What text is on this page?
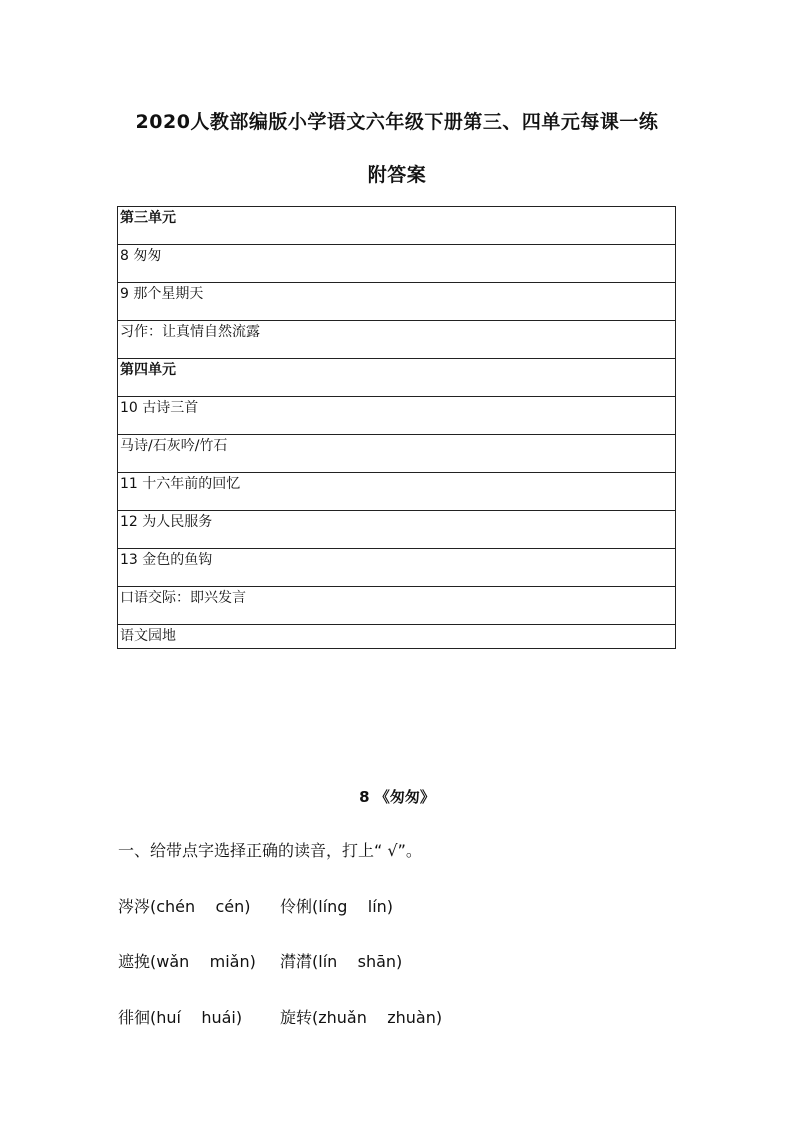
2020人教部编版小学语文六年级下册第三、四单元每课一练
附答案
第三单元
8 匆匆
9 那个星期天
习作：让真情自然流露
第四单元
10 古诗三首
马诗/石灰吟/竹石
11 十六年前的回忆
12 为人民服务
13 金色的鱼钩
口语交际：即兴发言
语文园地
8 《匆匆》
一、给带点字选择正确的读音，打上“ √”。
涔涔(chén    cén) 伶俐(líng    lín)
遮挽(wǎn    miǎn) 潸潸(lín    shān)
徘徊(huí    huái) 旋转(zhuǎn    zhuàn)
